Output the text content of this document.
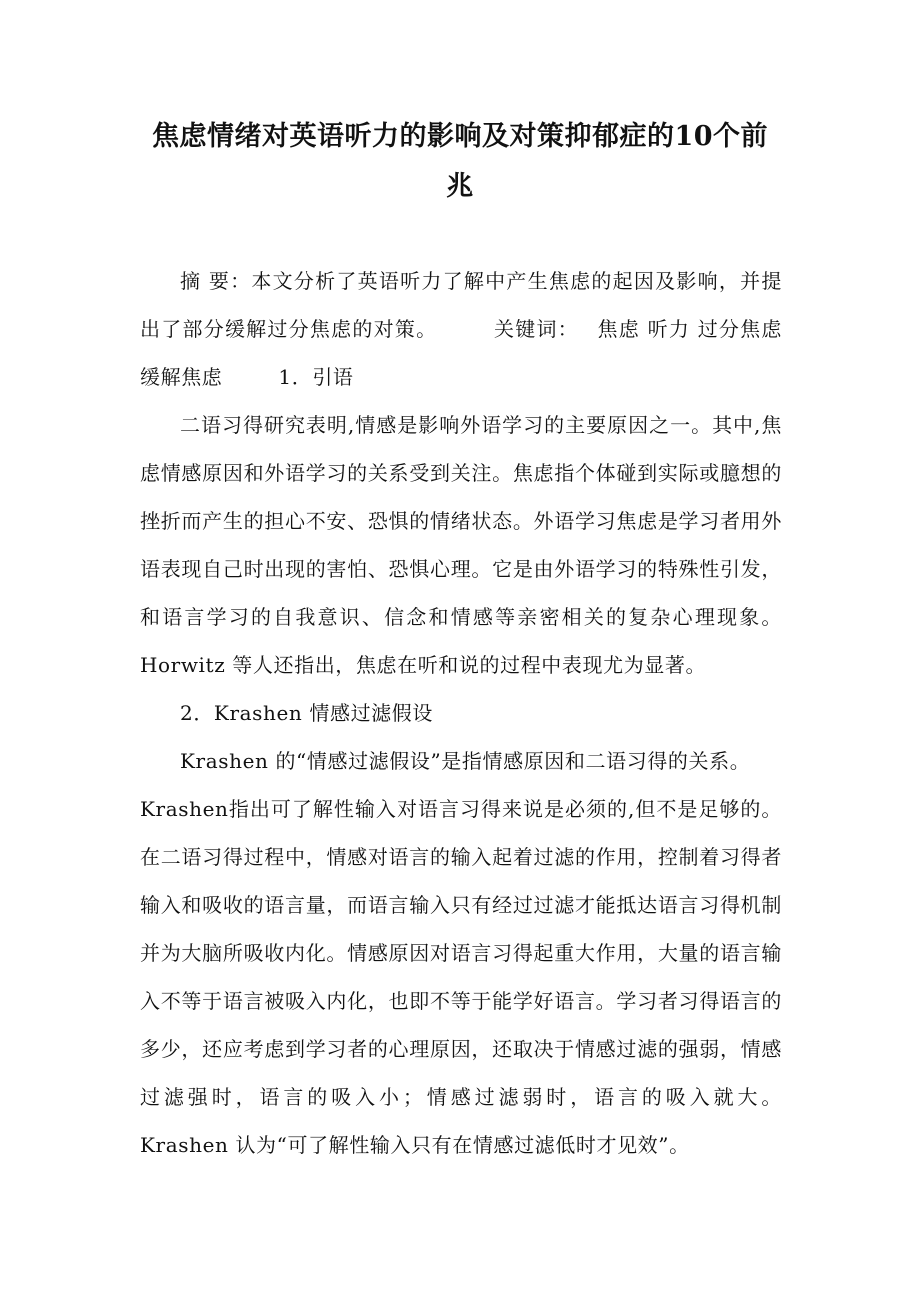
焦虑情绪对英语听力的影响及对策抑郁症的10个前兆

摘 要：本文分析了英语听力了解中产生焦虑的起因及影响，并提出了部分缓解过分焦虑的对策。	关键词： 焦虑 听力 过分焦虑 缓解焦虑	1．引语

二语习得研究表明,情感是影响外语学习的主要原因之一。其中,焦虑情感原因和外语学习的关系受到关注。焦虑指个体碰到实际或臆想的挫折而产生的担心不安、恐惧的情绪状态。外语学习焦虑是学习者用外语表现自己时出现的害怕、恐惧心理。它是由外语学习的特殊性引发，和语言学习的自我意识、信念和情感等亲密相关的复杂心理现象。Horwitz 等人还指出，焦虑在听和说的过程中表现尤为显著。

2．Krashen 情感过滤假设

Krashen 的“情感过滤假设”是指情感原因和二语习得的关系。

Krashen指出可了解性输入对语言习得来说是必须的,但不是足够的。在二语习得过程中，情感对语言的输入起着过滤的作用，控制着习得者输入和吸收的语言量，而语言输入只有经过过滤才能抵达语言习得机制并为大脑所吸收内化。情感原因对语言习得起重大作用，大量的语言输入不等于语言被吸入内化，也即不等于能学好语言。学习者习得语言的多少，还应考虑到学习者的心理原因，还取决于情感过滤的强弱，情感过滤强时，语言的吸入小；情感过滤弱时，语言的吸入就大。Krashen 认为“可了解性输入只有在情感过滤低时才见效”。
